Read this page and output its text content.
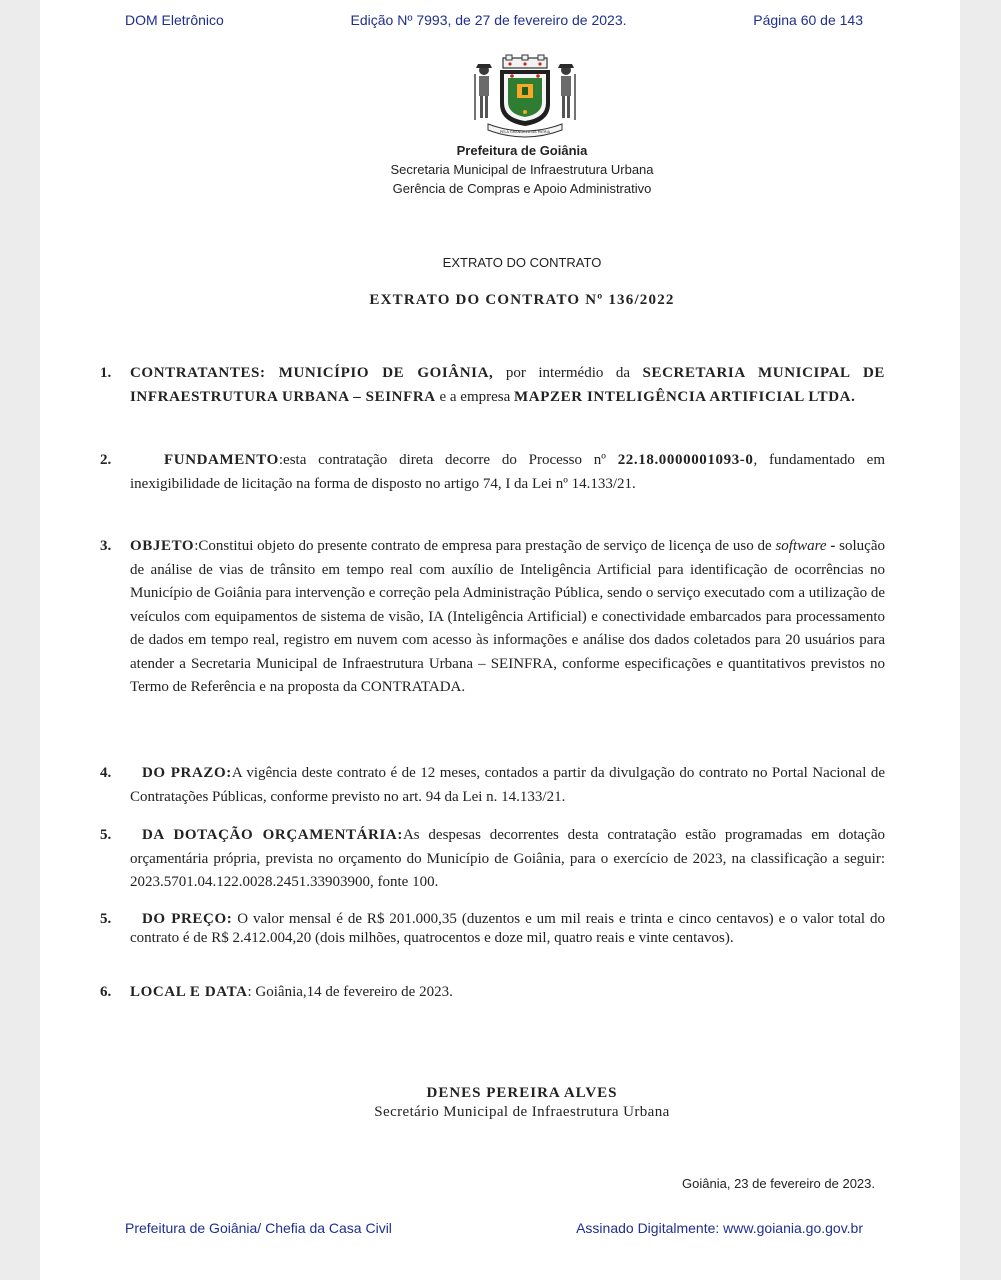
DOM Eletrônico	Edição Nº 7993, de 27 de fevereiro de 2023.	Página 60 de 143
PELA GRANDEZA DA PÁTRIA
Prefeitura de Goiânia
Secretaria Municipal de Infraestrutura Urbana
Gerência de Compras e Apoio Administrativo
EXTRATO DO CONTRATO
EXTRATO DO CONTRATO Nº 136/2022
1. CONTRATANTES: MUNICÍPIO DE GOIÂNIA, por intermédio da SECRETARIA MUNICIPAL DE INFRAESTRUTURA URBANA – SEINFRA e a empresa MAPZER INTELIGÊNCIA ARTIFICIAL LTDA.
2.	FUNDAMENTO:esta contratação direta decorre do Processo nº 22.18.0000001093-0, fundamentado em inexigibilidade de licitação na forma de disposto no artigo 74, I da Lei nº 14.133/21.
3. OBJETO:Constitui objeto do presente contrato de empresa para prestação de serviço de licença de uso de software - solução de análise de vias de trânsito em tempo real com auxílio de Inteligência Artificial para identificação de ocorrências no Município de Goiânia para intervenção e correção pela Administração Pública, sendo o serviço executado com a utilização de veículos com equipamentos de sistema de visão, IA (Inteligência Artificial) e conectividade embarcados para processamento de dados em tempo real, registro em nuvem com acesso às informações e análise dos dados coletados para 20 usuários para atender a Secretaria Municipal de Infraestrutura Urbana – SEINFRA, conforme especificações e quantitativos previstos no Termo de Referência e na proposta da CONTRATADA.
4.	DO PRAZO:A vigência deste contrato é de 12 meses, contados a partir da divulgação do contrato no Portal Nacional de Contratações Públicas, conforme previsto no art. 94 da Lei n. 14.133/21.
5.	DA DOTAÇÃO ORÇAMENTÁRIA:As despesas decorrentes desta contratação estão programadas em dotação orçamentária própria, prevista no orçamento do Município de Goiânia, para o exercício de 2023, na classificação a seguir: 2023.5701.04.122.0028.2451.33903900, fonte 100.
5.	DO PREÇO: O valor mensal é de R$ 201.000,35 (duzentos e um mil reais e trinta e cinco centavos) e o valor total do contrato é de R$ 2.412.004,20 (dois milhões, quatrocentos e doze mil, quatro reais e vinte centavos).
6. LOCAL E DATA: Goiânia,14 de fevereiro de 2023.
DENES PEREIRA ALVES
Secretário Municipal de Infraestrutura Urbana
Goiânia, 23 de fevereiro de 2023.
Prefeitura de Goiânia/ Chefia da Casa Civil	Assinado Digitalmente: www.goiania.go.gov.br
